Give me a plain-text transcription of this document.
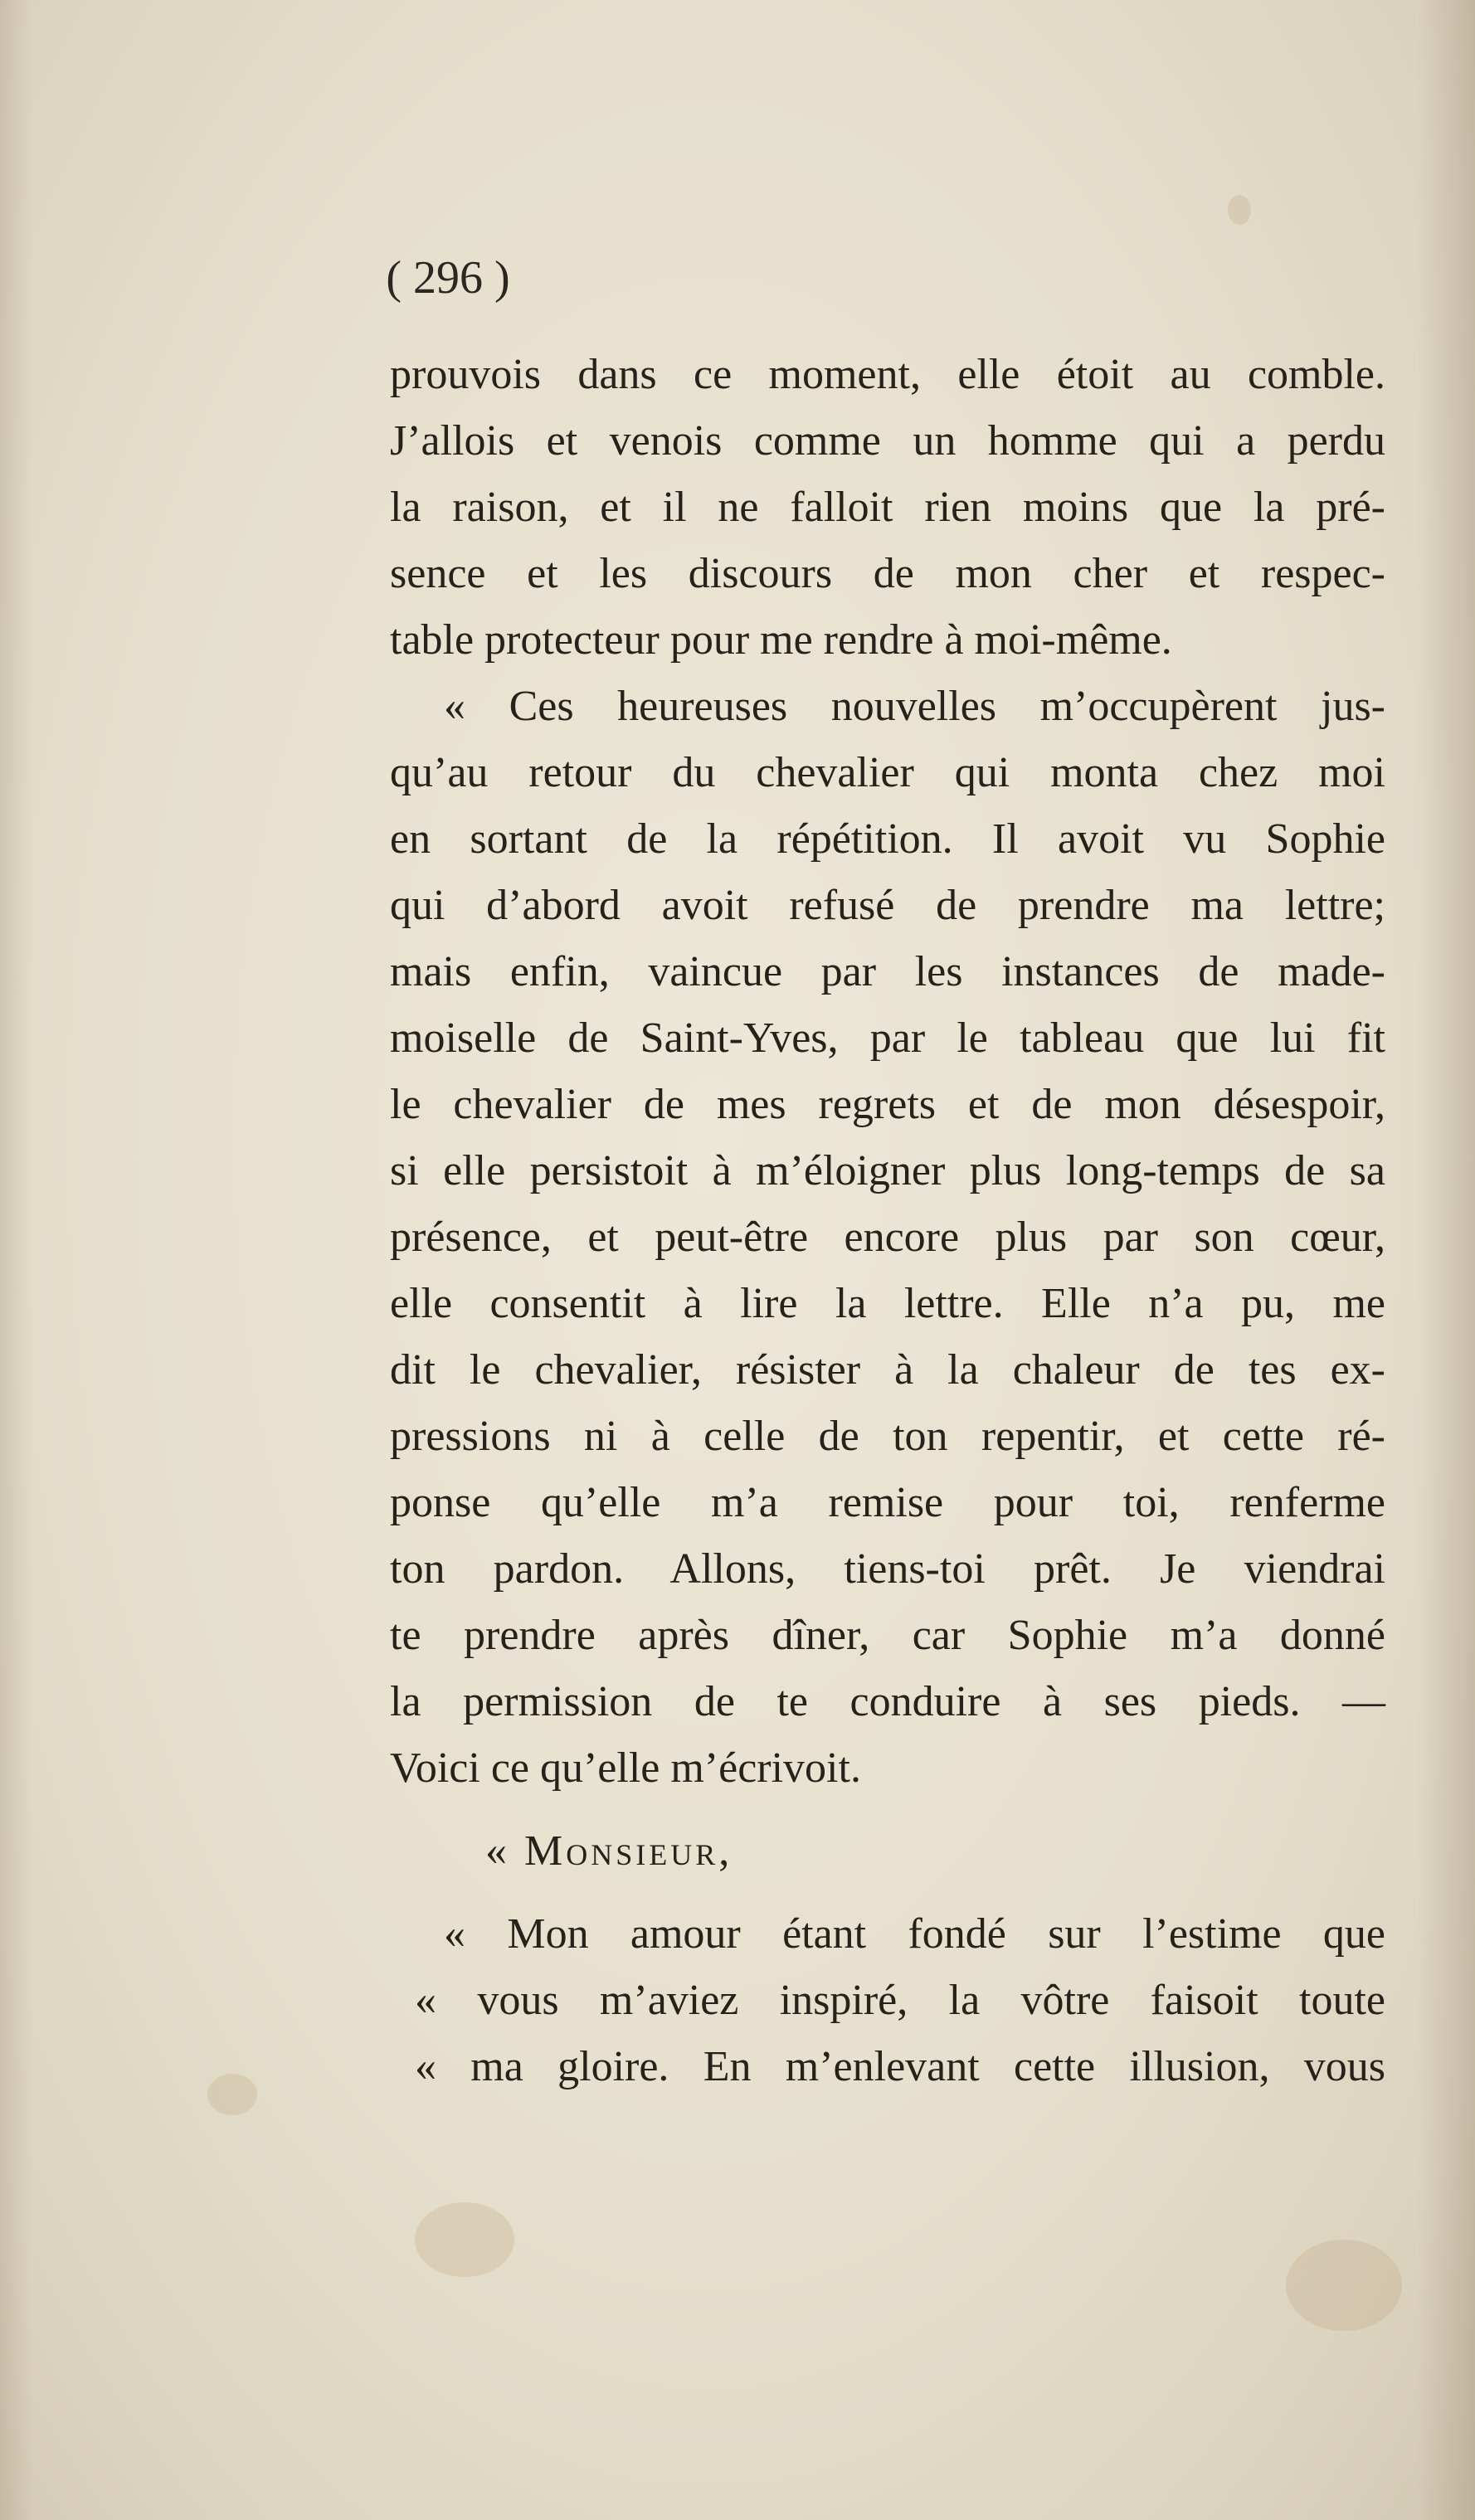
( 296 )
prouvois dans ce moment, elle étoit au comble.
J’allois et venois comme un homme qui a perdu
la raison, et il ne falloit rien moins que la pré-
sence et les discours de mon cher et respec-
table protecteur pour me rendre à moi-même.
« Ces heureuses nouvelles m’occupèrent jus-
qu’au retour du chevalier qui monta chez moi
en sortant de la répétition. Il avoit vu Sophie
qui d’abord avoit refusé de prendre ma lettre;
mais enfin, vaincue par les instances de made-
moiselle de Saint-Yves, par le tableau que lui fit
le chevalier de mes regrets et de mon désespoir,
si elle persistoit à m’éloigner plus long-temps de sa
présence, et peut-être encore plus par son cœur,
elle consentit à lire la lettre. Elle n’a pu, me
dit le chevalier, résister à la chaleur de tes ex-
pressions ni à celle de ton repentir, et cette ré-
ponse qu’elle m’a remise pour toi, renferme
ton pardon. Allons, tiens-toi prêt. Je viendrai
te prendre après dîner, car Sophie m’a donné
la permission de te conduire à ses pieds. —
Voici ce qu’elle m’écrivoit.
« Monsieur,
« Mon amour étant fondé sur l’estime que
« vous m’aviez inspiré, la vôtre faisoit toute
« ma gloire. En m’enlevant cette illusion, vous
